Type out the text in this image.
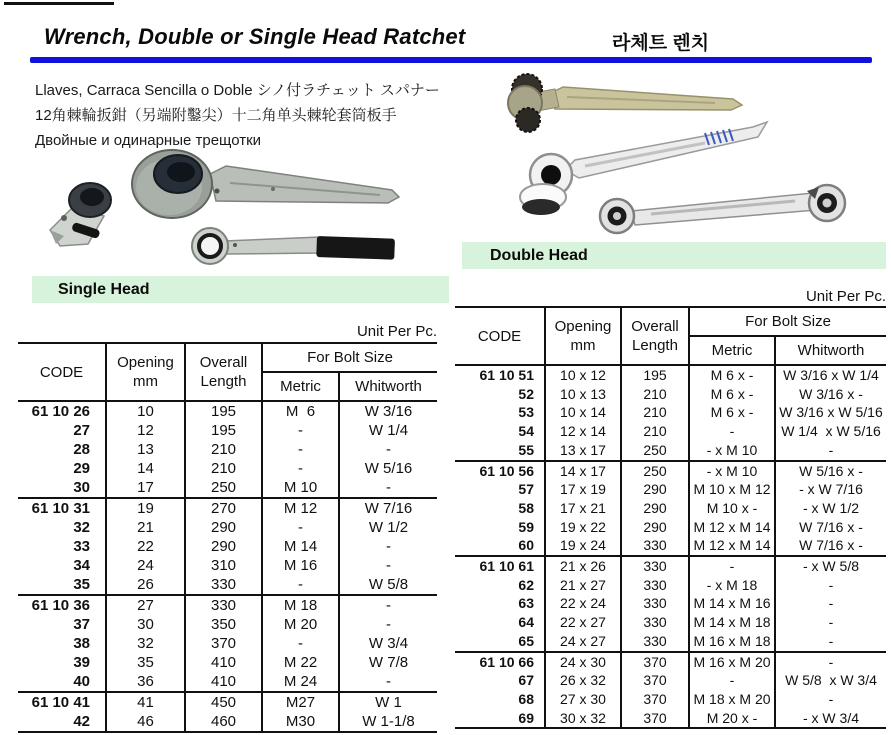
Wrench, Double or Single Head Ratchet	라체트 렌치
Llaves, Carraca Sencilla o Doble シノ付ラチェット スパナー
12角棘輪扳鉗（另端附鑿尖）十二角单头棘轮套筒板手
Двойные и одинарные трещотки
Single Head
Double Head
Unit Per Pc.
Unit Per Pc.
CODE	
Opening
mm

Overall
Length
	For Bolt Size
			Metric	Whitworth
61 10 26	10	195	M  6	W 3/16
27	12	195	-	W 1/4
28	13	210	-	-
29	14	210	-	W 5/16
30	17	250	M 10	-
61 10 31	19	270	M 12	W 7/16
32	21	290	-	W 1/2
33	22	290	M 14	-
34	24	310	M 16	-
35	26	330	-	W 5/8
61 10 36	27	330	M 18	-
37	30	350	M 20	-
38	32	370	-	W 3/4
39	35	410	M 22	W 7/8
40	36	410	M 24	-
61 10 41	41	450	M27	W 1
42	46	460	M30	W 1-1/8
CODE	
Opening
mm

Overall
Length
	For Bolt Size
			Metric	Whitworth
61 10 51	10 x 12	195	M 6 x -	W 3/16 x W 1/4
52	10 x 13	210	M 6 x -	W 3/16 x -
53	10 x 14	210	M 6 x -	W 3/16 x W 5/16
54	12 x 14	210	-	W 1/4  x W 5/16
55	13 x 17	250	- x M 10	-
61 10 56	14 x 17	250	- x M 10	W 5/16 x -
57	17 x 19	290	M 10 x M 12	- x W 7/16
58	17 x 21	290	M 10 x -	- x W 1/2
59	19 x 22	290	M 12 x M 14	W 7/16 x -
60	19 x 24	330	M 12 x M 14	W 7/16 x -
61 10 61	21 x 26	330	-	- x W 5/8
62	21 x 27	330	- x M 18	-
63	22 x 24	330	M 14 x M 16	-
64	22 x 27	330	M 14 x M 18	-
65	24 x 27	330	M 16 x M 18	-
61 10 66	24 x 30	370	M 16 x M 20	-
67	26 x 32	370	-	W 5/8  x W 3/4
68	27 x 30	370	M 18 x M 20	-
69	30 x 32	370	M 20 x -	- x W 3/4
